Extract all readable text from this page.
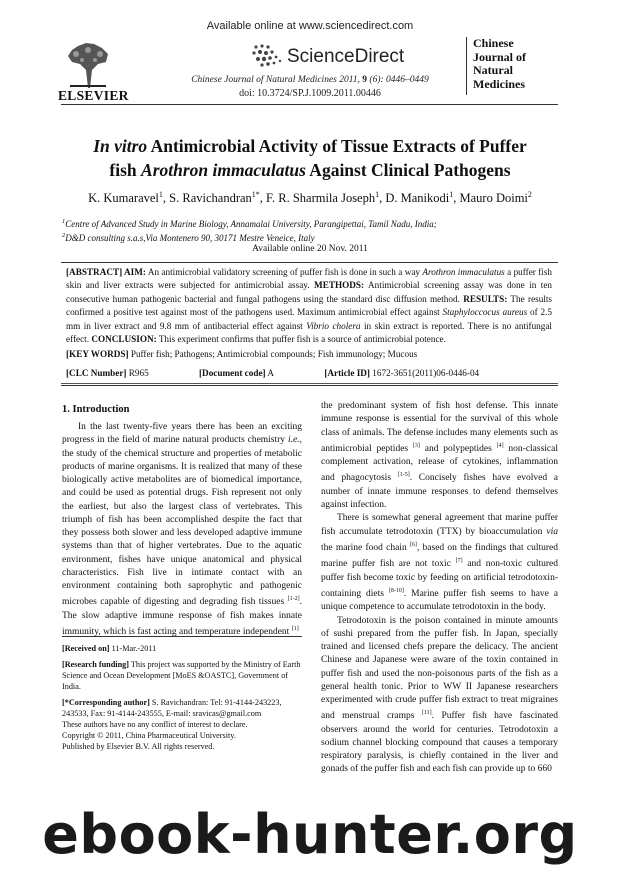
ELSEVIER
Available online at www.sciencedirect.com
ScienceDirect
Chinese Journal of Natural Medicines 2011, 9 (6): 0446–0449
doi: 10.3724/SP.J.1009.2011.00446
Chinese
Journal of
Natural
Medicines
In vitro Antimicrobial Activity of Tissue Extracts of Puffer
fish Arothron immaculatus Against Clinical Pathogens
K. Kumaravel$^1$, S. Ravichandran$^{1*}$, F. R. Sharmila Joseph$^1$, D. Manikodi$^1$, Mauro Doimi$^2$
$^1$Centre of Advanced Study in Marine Biology, Annamalai University, Parangipettai, Tamil Nadu, India;
$^2$D&D consulting s.a.s,Via Montenero 90, 30171 Mestre Veneice, Italy
Available online 20 Nov. 2011
[ABSTRACT] AIM: An antimicrobial validatory screening of puffer fish is done in such a way Arothron immaculatus a puffer fish skin and liver extracts were subjected for antimicrobial assay. METHODS: Antimicrobial screening assay was done in ten consecutive human pathogenic bacterial and fungal pathogens using the standard disc diffusion method. RESULTS: The results confirmed a positive test against most of the pathogens used. Maximum antimicrobial effect against Staphyloccocus aureus of 2.5 mm in liver extract and 9.8 mm of antibacterial effect against Vibrio cholera in skin extract is reported. There is no antifungal effect. CONCLUSION: This experiment confirms that puffer fish is a source of antimicrobial potence.
[KEY WORDS] Puffer fish; Pathogens; Antimicrobial compounds; Fish immunology; Mucous
[CLC Number] R965	[Document code] A	[Article ID] 1672-3651(2011)06-0446-04
1. Introduction

In the last twenty-five years there has been an exciting progress in the field of marine natural products chemistry i.e., the study of the chemical structure and properties of metabolic products of marine organisms. It is realized that many of these biologically active metabolites are of biomedical importance, and could be used as potential drugs. Fish represent not only the earliest, but also the largest class of vertebrates. This triumph of fish has been accomplished despite the fact that they possess both slower and less developed adaptive immune systems than that of higher vertebrates. Due to the aquatic environment, fishes have unique anatomical and physical characteristics. Fish live in intimate contact with an environment containing both saprophytic and pathogenic microbes capable of digesting and degrading fish tissues [1-2]. The slow adaptive immune response of fish makes innate immunity, which is fast acting and temperature independent [1]

[Received on] 11-Mar.-2011

[Research funding] This project was supported by the Ministry of Earth Science and Ocean Development [MoES &OASTC], Government of India.

[*Corresponding author] S. Ravichandran: Tel: 91-4144-243223, 243533, Fax: 91-4144-243555, E-mail: sravicas@gmail.com

These authors have no any conflict of interest to declare.

Copyright © 2011, China Pharmaceutical University.

Published by Elsevier B.V. All rights reserved.

the predominant system of fish host defense. This innate immune response is essential for the survival of this whole class of animals. The defense includes many elements such as antimicrobial peptides [3] and polypeptides [4] non-classical complement activation, release of cytokines, inflammation and phagocytosis [1-5]. Concisely fishes have evolved a number of innate immune responses to defend themselves against infection.

There is somewhat general agreement that marine puffer fish accumulate tetrodotoxin (TTX) by bioaccumulation via the marine food chain [6], based on the findings that cultured marine puffer fish are not toxic [7] and non-toxic cultured puffer fish become toxic by feeding on artificial tetrodotoxin-containing diets [8-10]. Marine puffer fish seems to have a unique competence to accumulate tetrodotoxin in the body.

Tetrodotoxin is the poison contained in minute amounts of sushi prepared from the puffer fish. In Japan, specially trained and licensed chefs prepare the delicacy. The ancient Chinese and Japanese were aware of the toxin contained in puffer fish and used the non-poisonous parts of the fish as a general health tonic. Prior to WW II Japanese researchers experimented with crude puffer fish extract to treat migraines and menstrual cramps [11]. Puffer fish have fascinated observers around the world for centuries. Tetrodotoxin a sodium channel blocking compound that causes a temporary respiratory paralysis, is chiefly contained in the liver and gonads of the puffer fish and each fish can provide up to 660

ebook-hunter.org
